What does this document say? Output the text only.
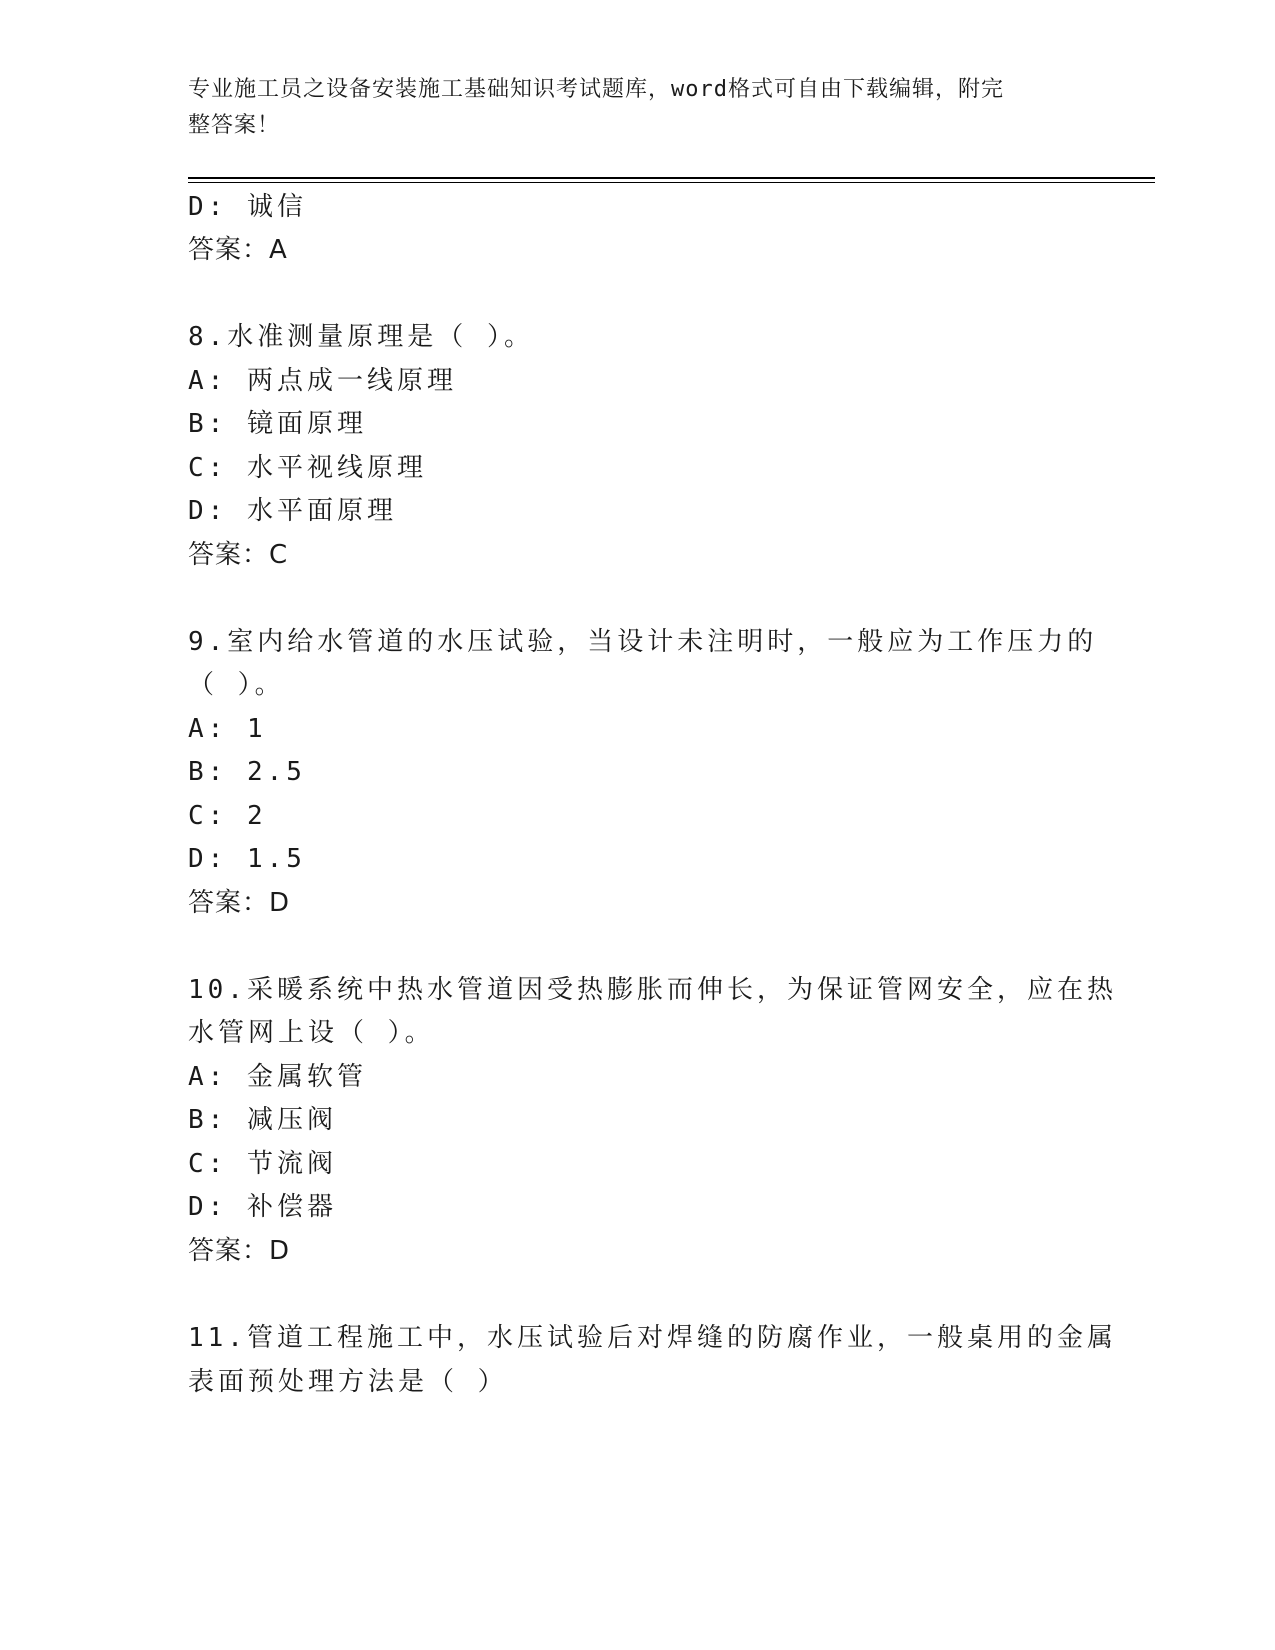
专业施工员之设备安装施工基础知识考试题库，word格式可自由下载编辑，附完
整答案！
D: 诚信
答案：A
8.水准测量原理是（ ）。
A: 两点成一线原理
B: 镜面原理
C: 水平视线原理
D: 水平面原理
答案：C
9.室内给水管道的水压试验，当设计未注明时，一般应为工作压力的
（ ）。
A: 1
B: 2.5
C: 2
D: 1.5
答案：D
10.采暖系统中热水管道因受热膨胀而伸长，为保证管网安全，应在热
水管网上设（ ）。
A: 金属软管
B: 减压阀
C: 节流阀
D: 补偿器
答案：D
11.管道工程施工中，水压试验后对焊缝的防腐作业，一般桌用的金属
表面预处理方法是（ ）
